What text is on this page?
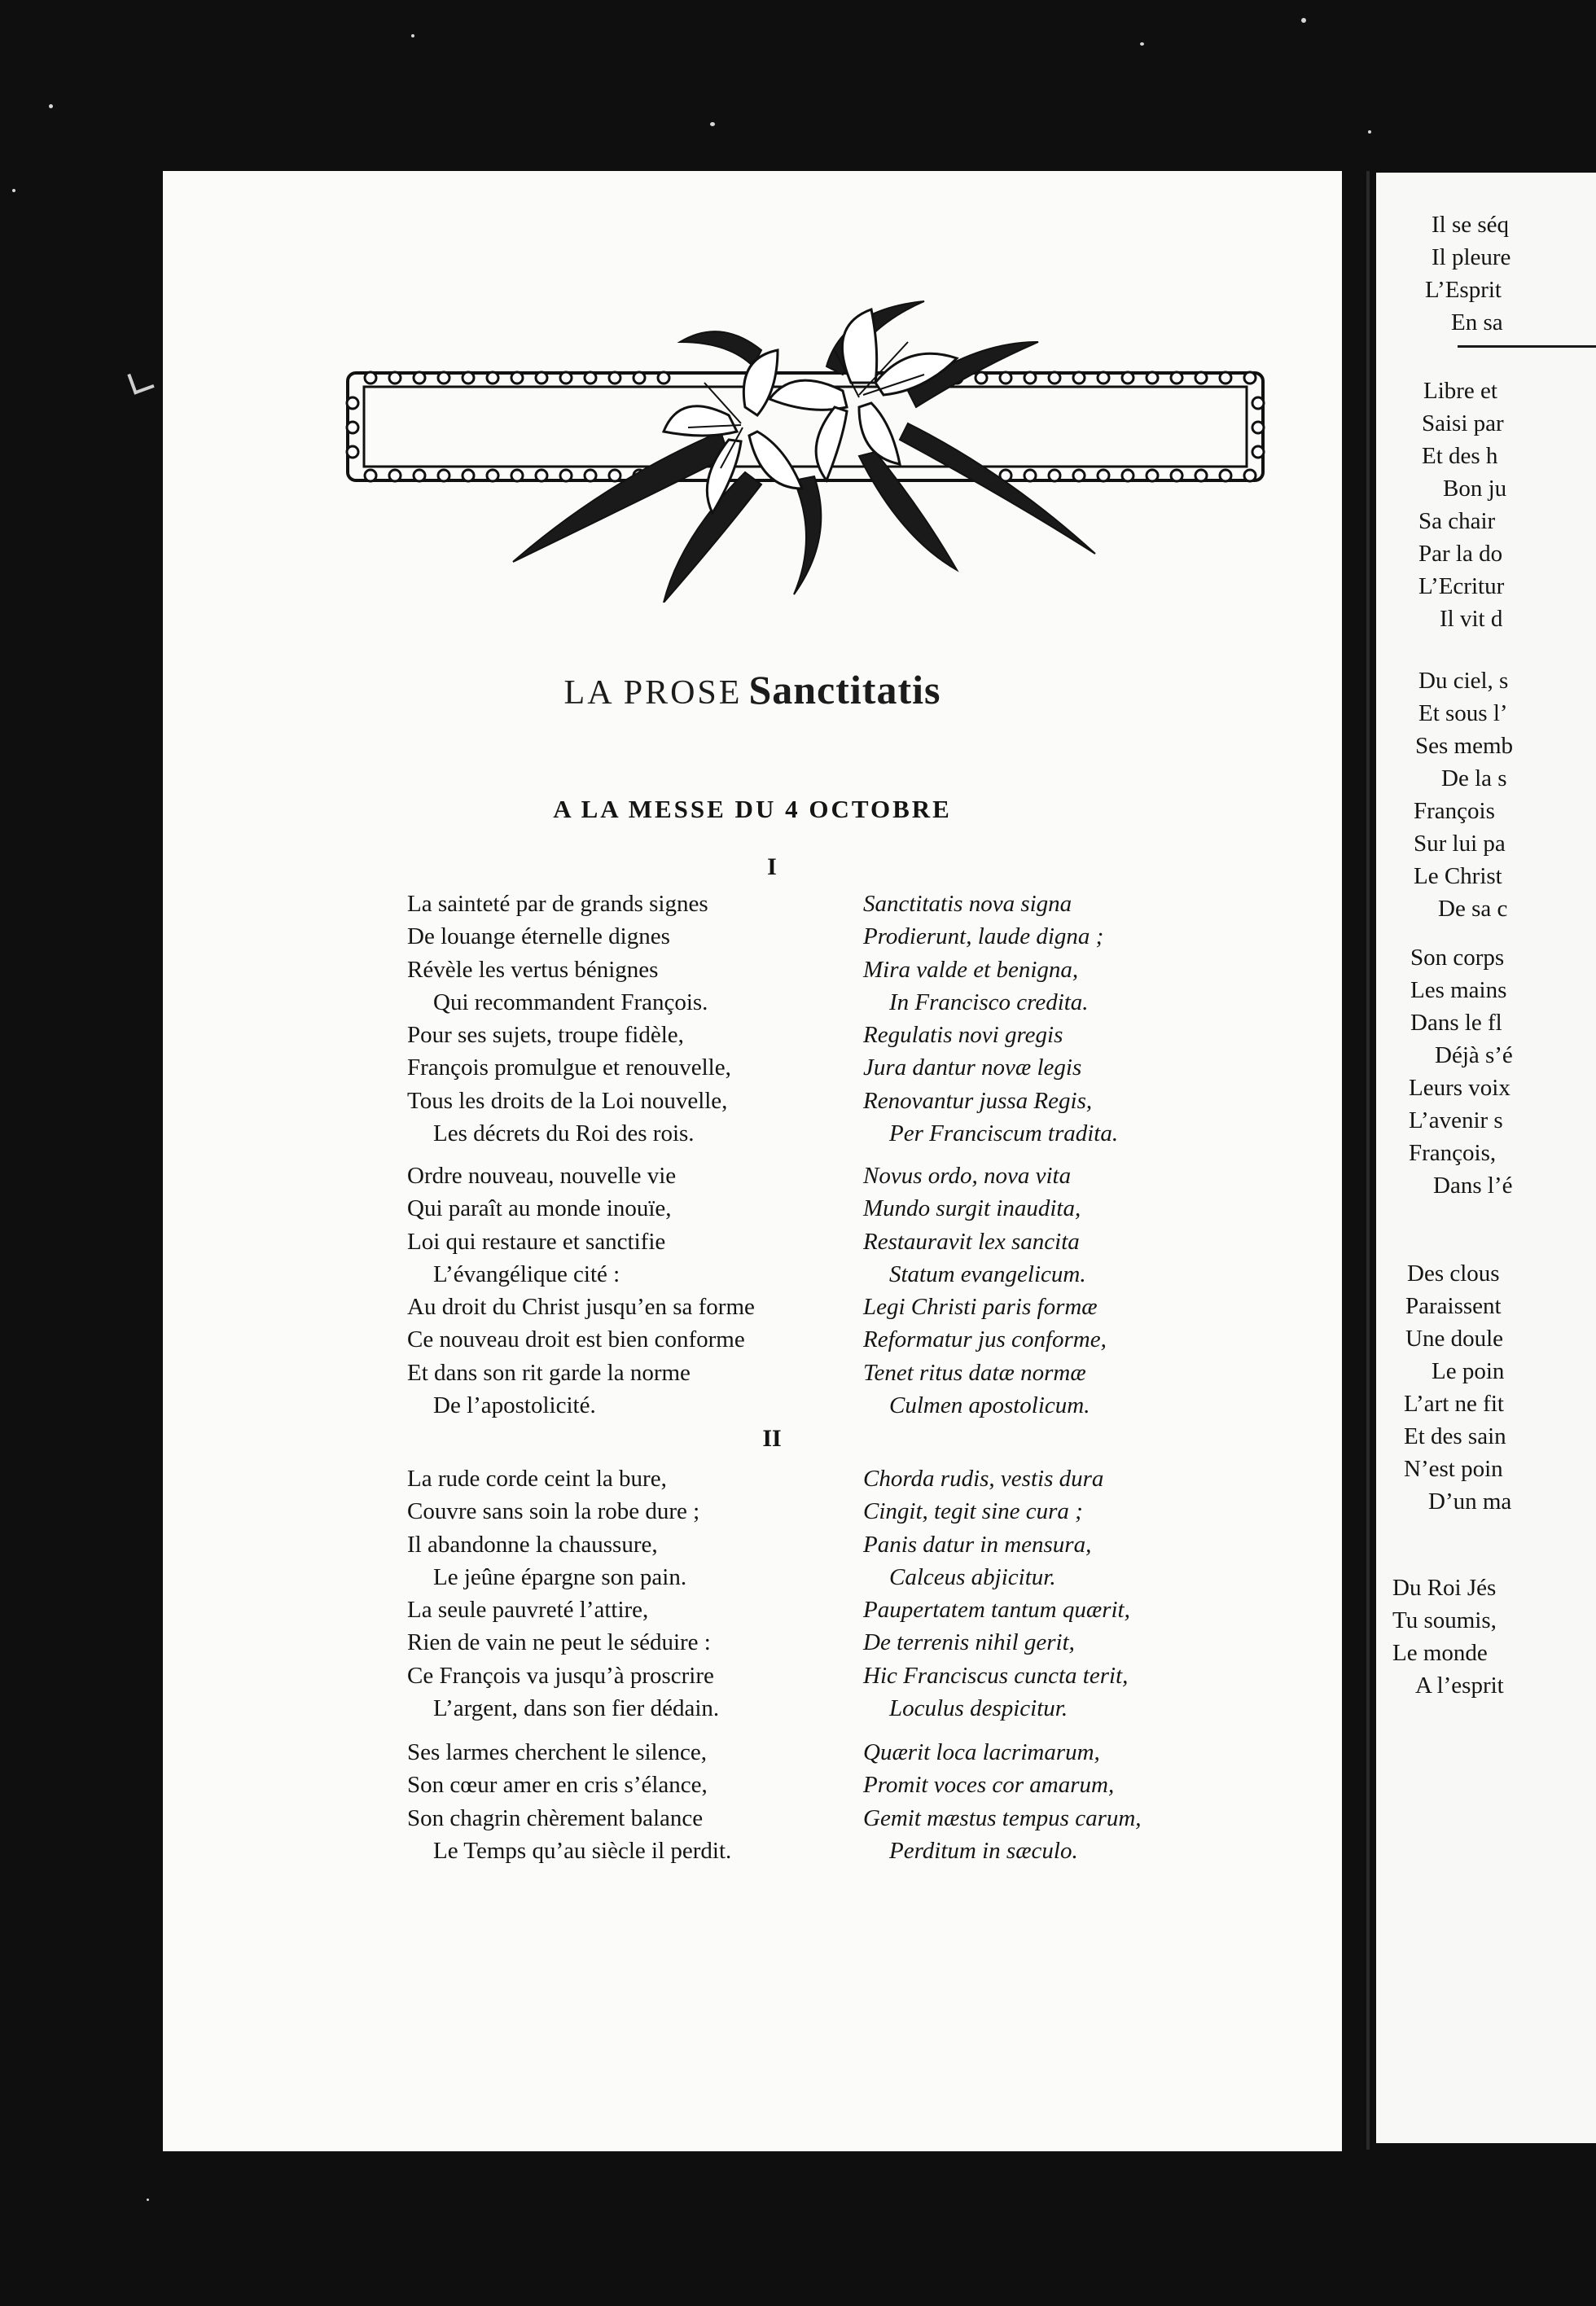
LA PROSE Sanctitatis
A LA MESSE DU 4 OCTOBRE
I
La sainteté par de grands signes	Sanctitatis nova signa
De louange éternelle dignes	Prodierunt, laude digna ;
Révèle les vertus bénignes	Mira valde et benigna,
Qui recommandent François.	In Francisco credita.
Pour ses sujets, troupe fidèle,	Regulatis novi gregis
François promulgue et renouvelle,	Jura dantur novæ legis
Tous les droits de la Loi nouvelle,	Renovantur jussa Regis,
Les décrets du Roi des rois.	Per Franciscum tradita.
Ordre nouveau, nouvelle vie	Novus ordo, nova vita
Qui paraît au monde inouïe,	Mundo surgit inaudita,
Loi qui restaure et sanctifie	Restauravit lex sancita
L’évangélique cité :	Statum evangelicum.
Au droit du Christ jusqu’en sa forme	Legi Christi paris formæ
Ce nouveau droit est bien conforme	Reformatur jus conforme,
Et dans son rit garde la norme	Tenet ritus datæ normæ
De l’apostolicité.	Culmen apostolicum.
II
La rude corde ceint la bure,	Chorda rudis, vestis dura
Couvre sans soin la robe dure ;	Cingit, tegit sine cura ;
Il abandonne la chaussure,	Panis datur in mensura,
Le jeûne épargne son pain.	Calceus abjicitur.
La seule pauvreté l’attire,	Paupertatem tantum quærit,
Rien de vain ne peut le séduire :	De terrenis nihil gerit,
Ce François va jusqu’à proscrire	Hic Franciscus cuncta terit,
L’argent, dans son fier dédain.	Loculus despicitur.
Ses larmes cherchent le silence,	Quærit loca lacrimarum,
Son cœur amer en cris s’élance,	Promit voces cor amarum,
Son chagrin chèrement balance	Gemit mæstus tempus carum,
Le Temps qu’au siècle il perdit.	Perditum in sæculo.
Il se séq
Il pleure
L’Esprit
En sa
Libre et
Saisi par
Et des h
Bon ju
Sa chair
Par la do
L’Ecritur
Il vit d
Du ciel, s
Et sous l’
Ses memb
De la s
François
Sur lui pa
Le Christ
De sa c
Son corps
Les mains
Dans le fl
Déjà s’é
Leurs voix
L’avenir s
François,
Dans l’é
Des clous
Paraissent
Une doule
Le poin
L’art ne fit
Et des sain
N’est poin
D’un ma
Du Roi Jés
Tu soumis,
Le monde
A l’esprit
